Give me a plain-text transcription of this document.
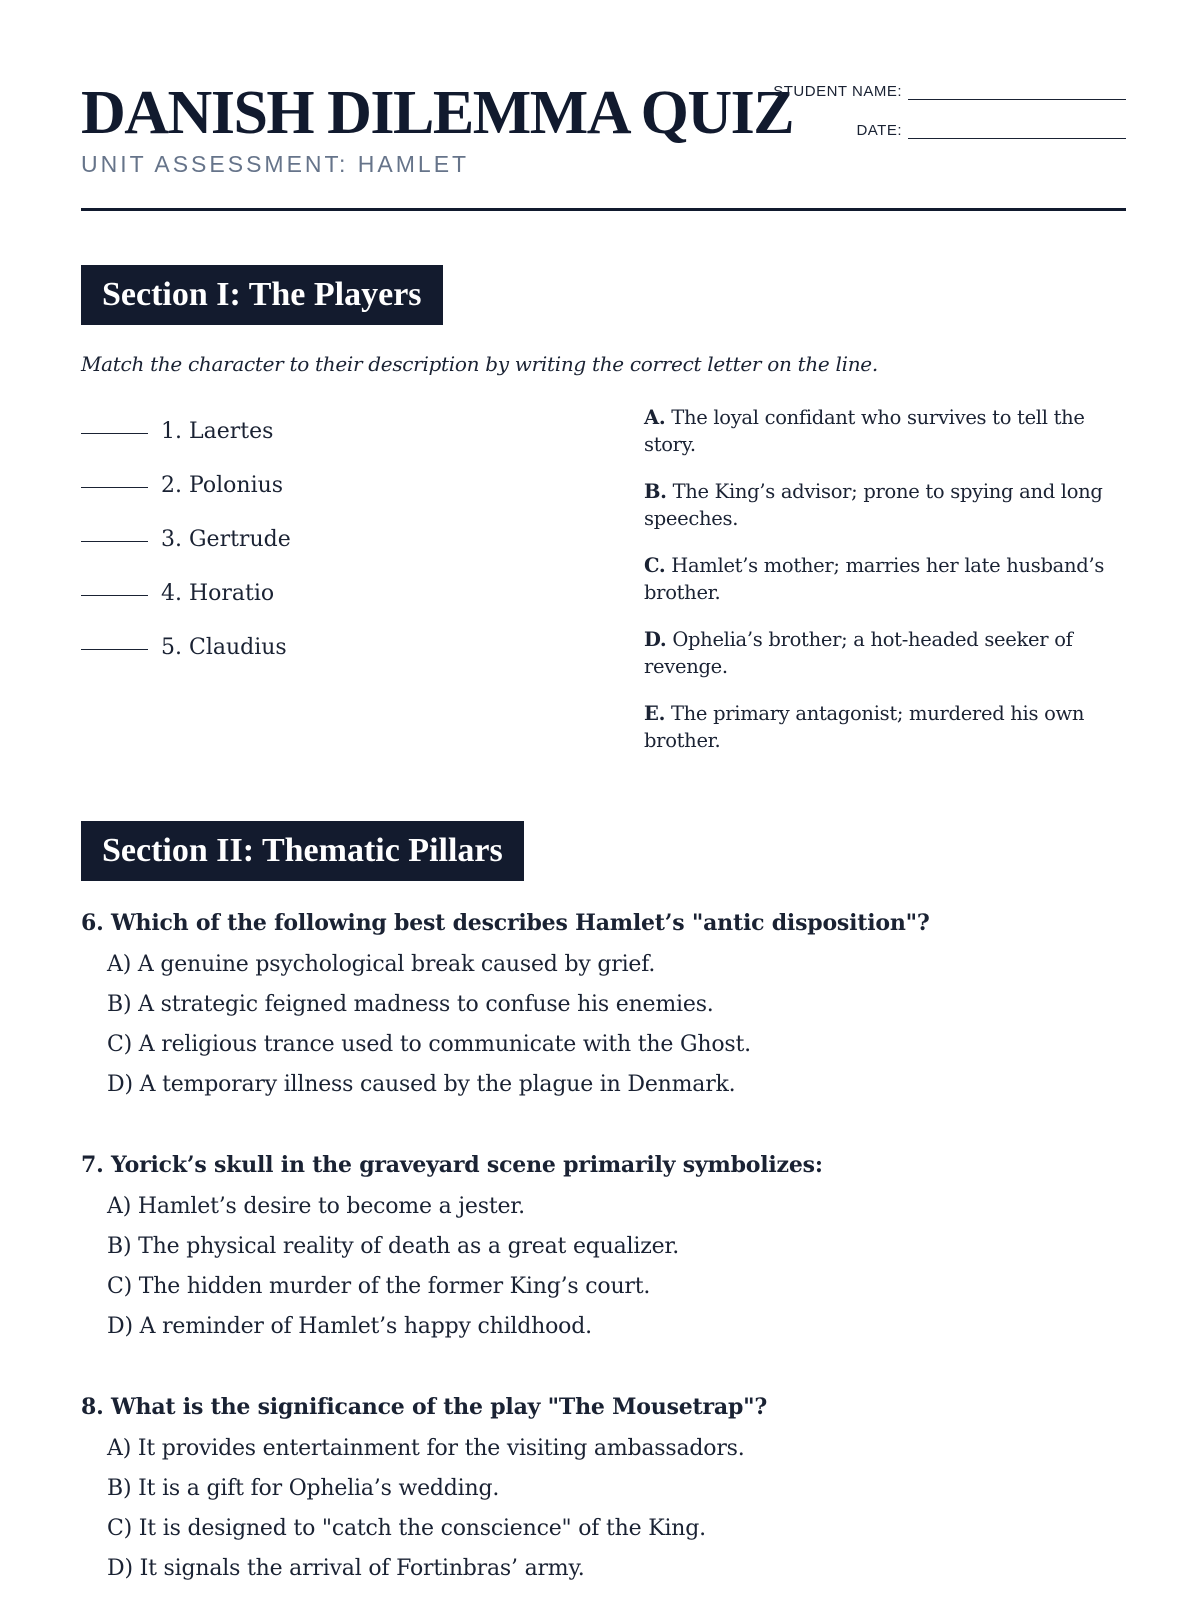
DANISH DILEMMA QUIZ
UNIT ASSESSMENT: HAMLET
STUDENT NAME:
DATE:
Section I: The Players
Match the character to their description by writing the correct letter on the line.
1. Laertes
2. Polonius
3. Gertrude
4. Horatio
5. Claudius
A. The loyal confidant who survives to tell the story.
B. The King’s advisor; prone to spying and long speeches.
C. Hamlet’s mother; marries her late husband’s brother.
D. Ophelia’s brother; a hot-headed seeker of revenge.
E. The primary antagonist; murdered his own brother.
Section II: Thematic Pillars
6. Which of the following best describes Hamlet’s "antic disposition"?
A) A genuine psychological break caused by grief.
B) A strategic feigned madness to confuse his enemies.
C) A religious trance used to communicate with the Ghost.
D) A temporary illness caused by the plague in Denmark.
7. Yorick’s skull in the graveyard scene primarily symbolizes:
A) Hamlet’s desire to become a jester.
B) The physical reality of death as a great equalizer.
C) The hidden murder of the former King’s court.
D) A reminder of Hamlet’s happy childhood.
8. What is the significance of the play "The Mousetrap"?
A) It provides entertainment for the visiting ambassadors.
B) It is a gift for Ophelia’s wedding.
C) It is designed to "catch the conscience" of the King.
D) It signals the arrival of Fortinbras’ army.
